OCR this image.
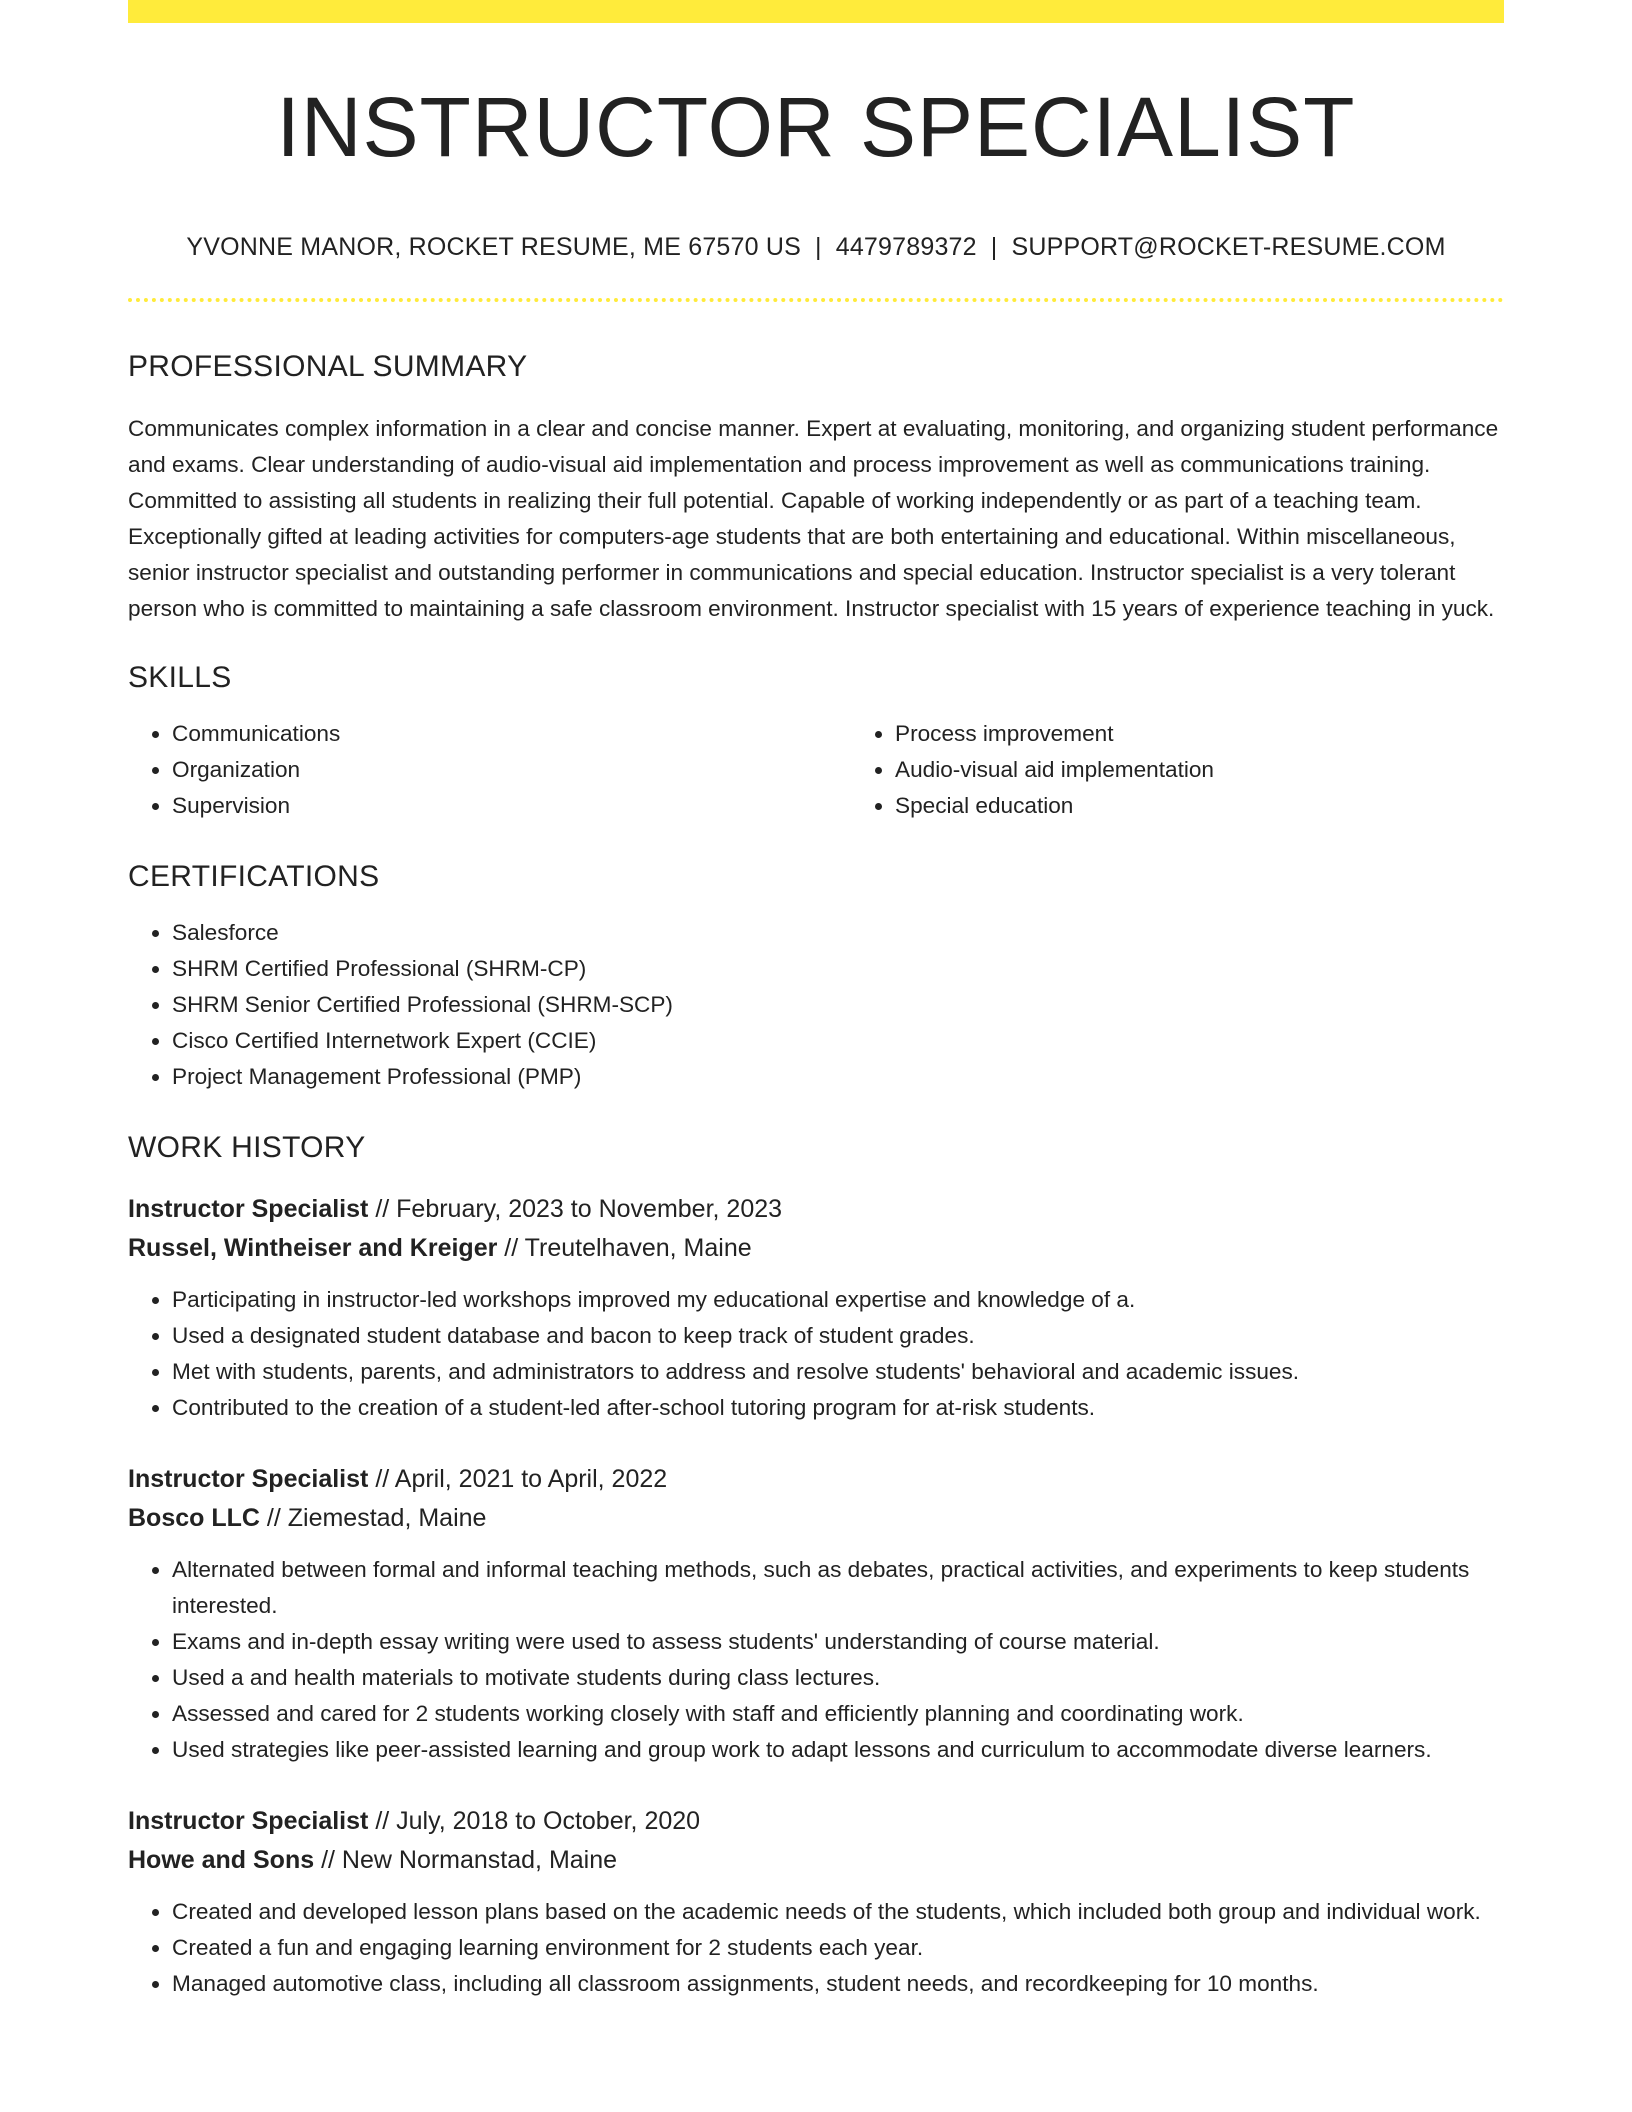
INSTRUCTOR SPECIALIST
YVONNE MANOR, ROCKET RESUME, ME 67570 US | 4479789372 | SUPPORT@ROCKET-RESUME.COM
PROFESSIONAL SUMMARY

Communicates complex information in a clear and concise manner. Expert at evaluating, monitoring, and organizing student performance and exams. Clear understanding of audio-visual aid implementation and process improvement as well as communications training. Committed to assisting all students in realizing their full potential. Capable of working independently or as part of a teaching team. Exceptionally gifted at leading activities for computers-age students that are both entertaining and educational. Within miscellaneous, senior instructor specialist and outstanding performer in communications and special education. Instructor specialist is a very tolerant person who is committed to maintaining a safe classroom environment. Instructor specialist with 15 years of experience teaching in yuck.

SKILLS
• Communications
• Organization
• Supervision
• Process improvement
• Audio-visual aid implementation
• Special education
CERTIFICATIONS
• Salesforce
• SHRM Certified Professional (SHRM-CP)
• SHRM Senior Certified Professional (SHRM-SCP)
• Cisco Certified Internetwork Expert (CCIE)
• Project Management Professional (PMP)
WORK HISTORY
Instructor Specialist // February, 2023 to November, 2023
Russel, Wintheiser and Kreiger // Treutelhaven, Maine
• Participating in instructor-led workshops improved my educational expertise and knowledge of a.
• Used a designated student database and bacon to keep track of student grades.
• Met with students, parents, and administrators to address and resolve students' behavioral and academic issues.
• Contributed to the creation of a student-led after-school tutoring program for at-risk students.
Instructor Specialist // April, 2021 to April, 2022
Bosco LLC // Ziemestad, Maine
• Alternated between formal and informal teaching methods, such as debates, practical activities, and experiments to keep students interested.
• Exams and in-depth essay writing were used to assess students' understanding of course material.
• Used a and health materials to motivate students during class lectures.
• Assessed and cared for 2 students working closely with staff and efficiently planning and coordinating work.
• Used strategies like peer-assisted learning and group work to adapt lessons and curriculum to accommodate diverse learners.
Instructor Specialist // July, 2018 to October, 2020
Howe and Sons // New Normanstad, Maine
• Created and developed lesson plans based on the academic needs of the students, which included both group and individual work.
• Created a fun and engaging learning environment for 2 students each year.
• Managed automotive class, including all classroom assignments, student needs, and recordkeeping for 10 months.
